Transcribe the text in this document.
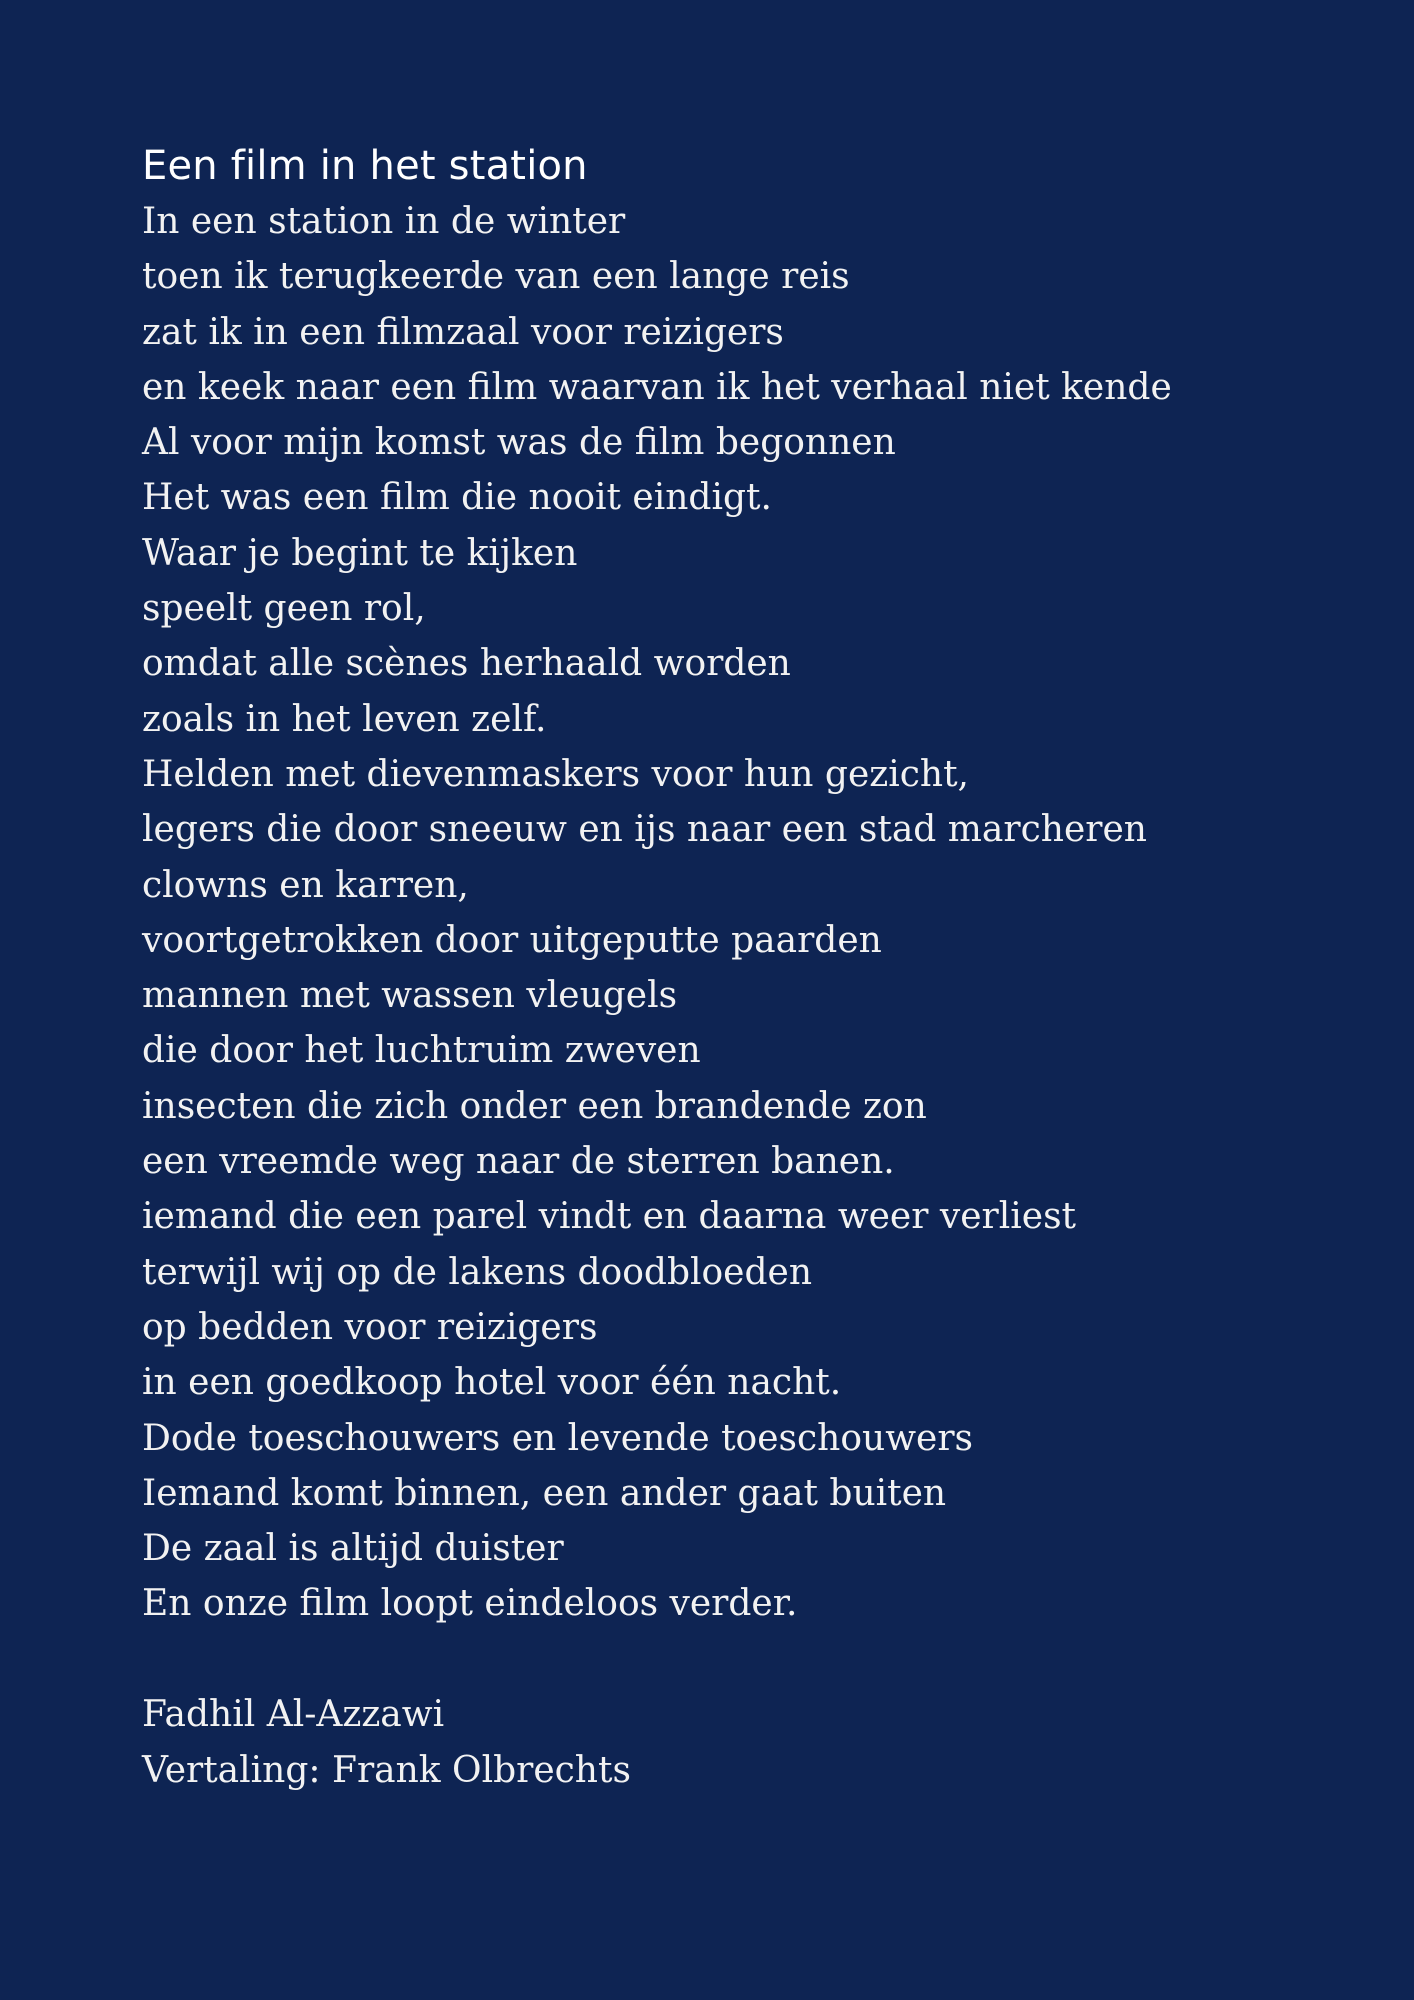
Een film in het station
In een station in de winter
toen ik terugkeerde van een lange reis
zat ik in een filmzaal voor reizigers
en keek naar een film waarvan ik het verhaal niet kende
Al voor mijn komst was de film begonnen
Het was een film die nooit eindigt.
Waar je begint te kijken
speelt geen rol,
omdat alle scènes herhaald worden
zoals in het leven zelf.
Helden met dievenmaskers voor hun gezicht,
legers die door sneeuw en ijs naar een stad marcheren
clowns en karren,
voortgetrokken door uitgeputte paarden
mannen met wassen vleugels
die door het luchtruim zweven
insecten die zich onder een brandende zon
een vreemde weg naar de sterren banen.
iemand die een parel vindt en daarna weer verliest
terwijl wij op de lakens doodbloeden
op bedden voor reizigers
in een goedkoop hotel voor één nacht.
Dode toeschouwers en levende toeschouwers
Iemand komt binnen, een ander gaat buiten
De zaal is altijd duister
En onze film loopt eindeloos verder.
Fadhil Al-Azzawi
Vertaling: Frank Olbrechts
